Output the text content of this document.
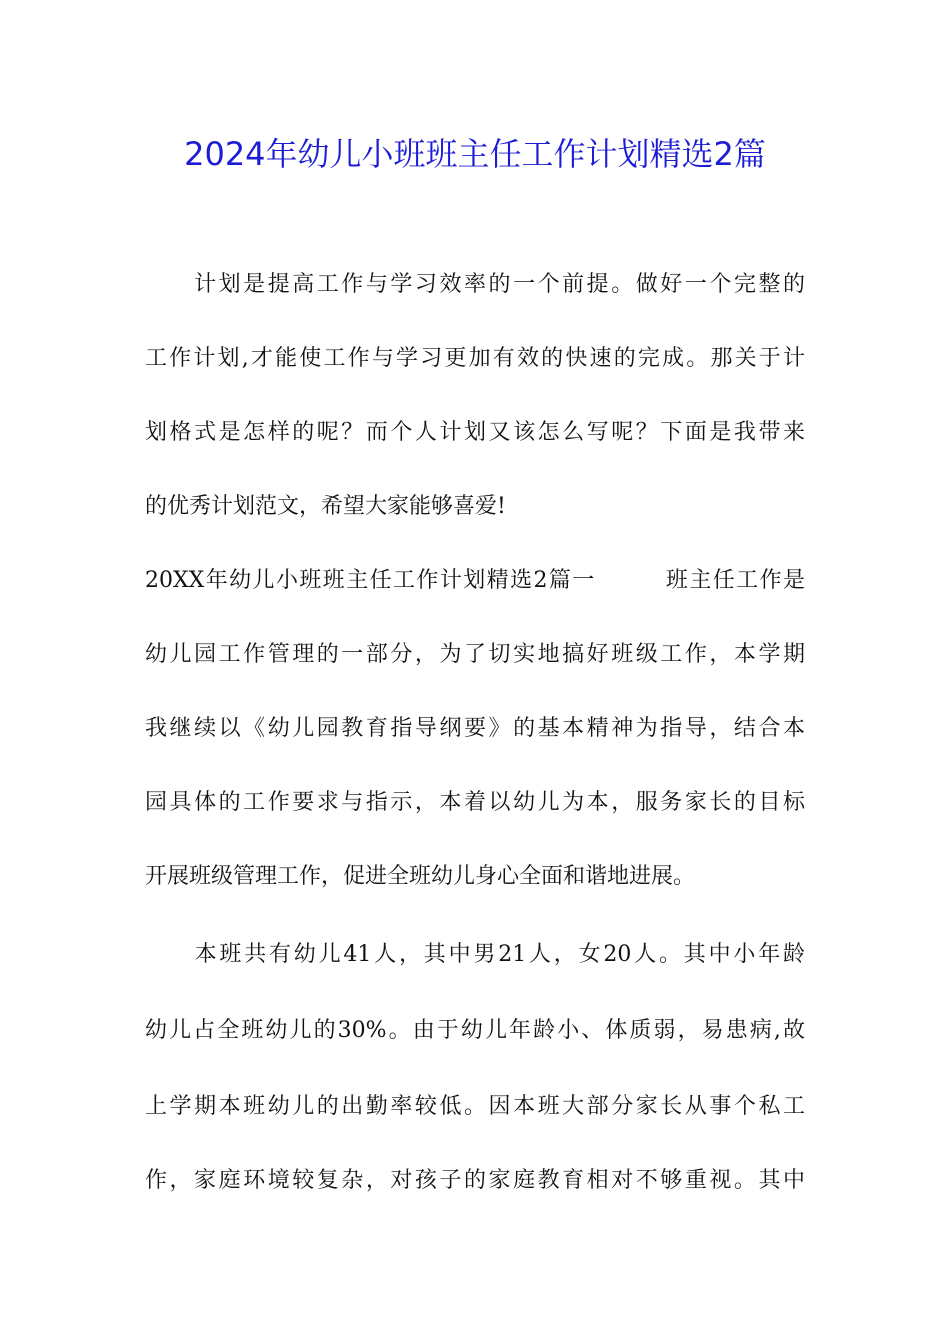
2024年幼儿小班班主任工作计划精选2篇
　　计划是提高工作与学习效率的一个前提。做好一个完整的
工作计划,才能使工作与学习更加有效的快速的完成。那关于计
划格式是怎样的呢？而个人计划又该怎么写呢？下面是我带来
的优秀计划范文，希望大家能够喜爱!
20XX年幼儿小班班主任工作计划精选2篇一　　　班主任工作是
幼儿园工作管理的一部分，为了切实地搞好班级工作，本学期
我继续以《幼儿园教育指导纲要》的基本精神为指导，结合本
园具体的工作要求与指示，本着以幼儿为本，服务家长的目标
开展班级管理工作，促进全班幼儿身心全面和谐地进展。
　　本班共有幼儿41人，其中男21人，女20人。其中小年龄
幼儿占全班幼儿的30%。由于幼儿年龄小、体质弱，易患病,故
上学期本班幼儿的出勤率较低。因本班大部分家长从事个私工
作，家庭环境较复杂，对孩子的家庭教育相对不够重视。其中
